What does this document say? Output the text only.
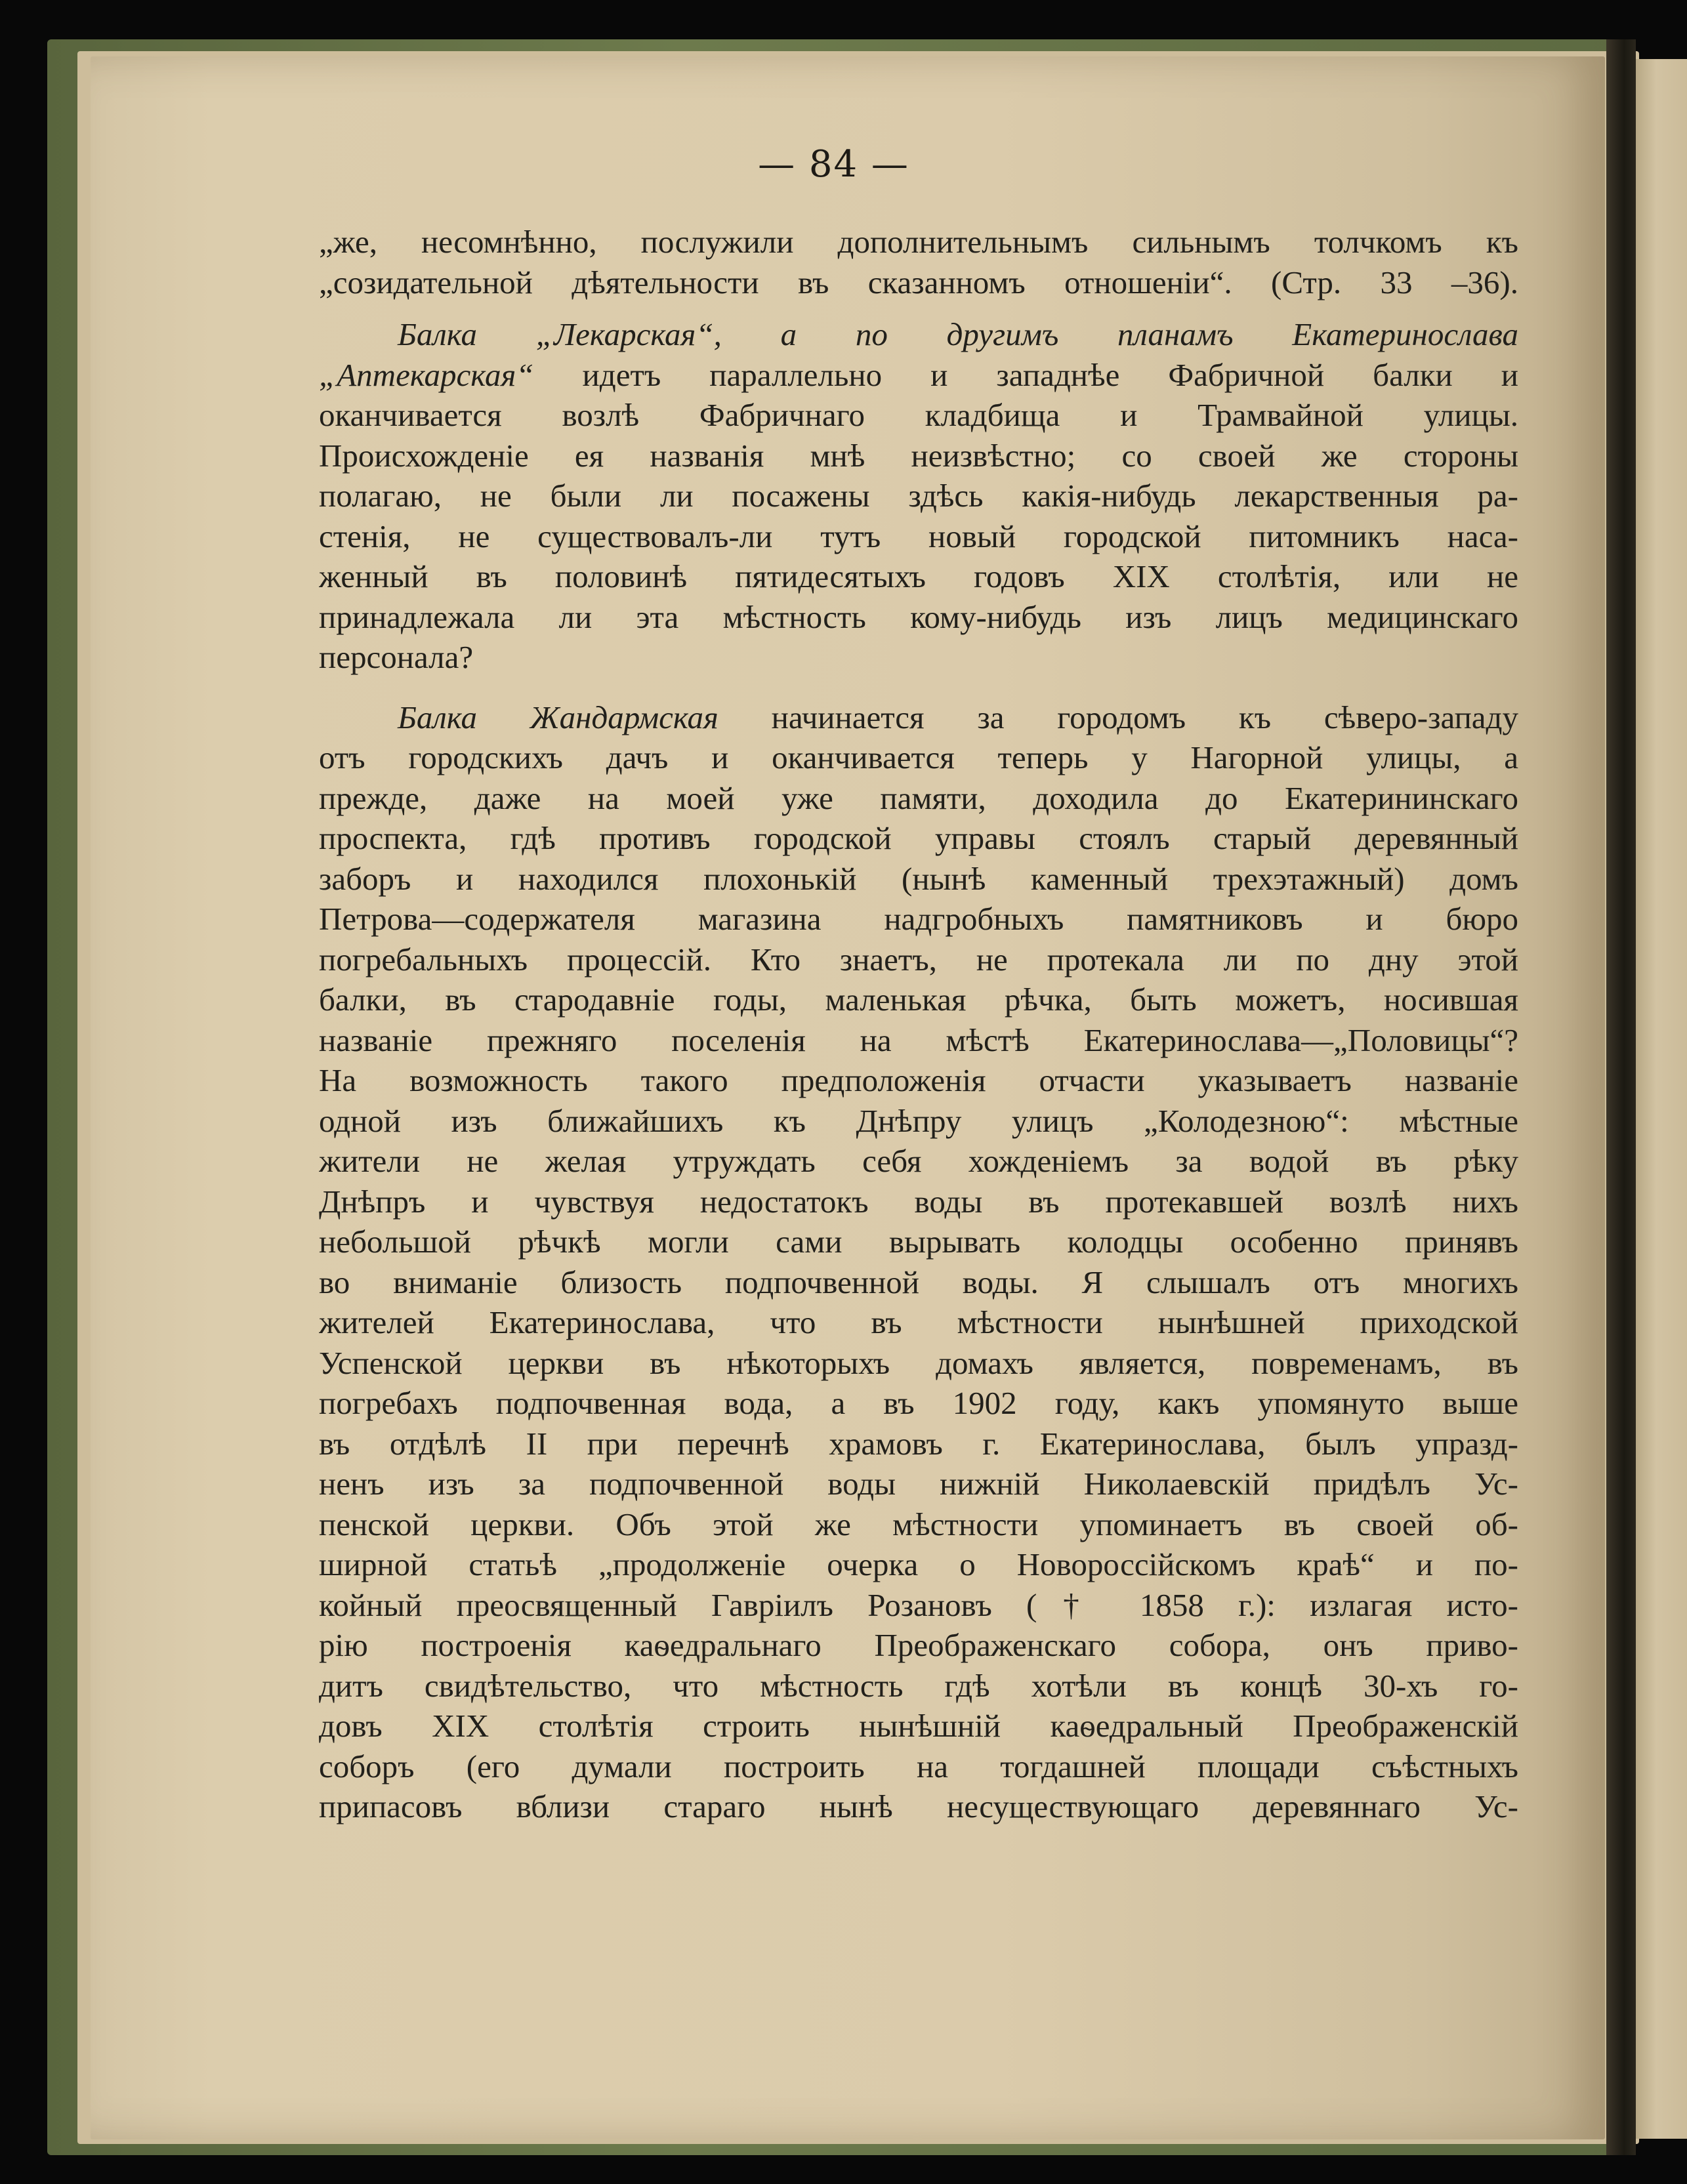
— 84 —
„же, несомнѣнно, послужили дополнительнымъ сильнымъ толчкомъ къ
„созидательной дѣятельности въ сказанномъ отношеніи“. (Стр. 33 –36).
Балка „Лекарская“, а по другимъ планамъ Екатеринослава
„Аптекарская“ идетъ параллельно и западнѣе Фабричной балки и
оканчивается возлѣ Фабричнаго кладбища и Трамвайной улицы.
Происхожденіе ея названія мнѣ неизвѣстно; со своей же стороны
полагаю, не были ли посажены здѣсь какія-нибудь лекарственныя ра-
стенія, не существовалъ-ли тутъ новый городской питомникъ наса-
женный въ половинѣ пятидесятыхъ годовъ XIX столѣтія, или не
принадлежала ли эта мѣстность кому-нибудь изъ лицъ медицинскаго
персонала?
Балка Жандармская начинается за городомъ къ сѣверо-западу
отъ городскихъ дачъ и оканчивается теперь у Нагорной улицы, а
прежде, даже на моей уже памяти, доходила до Екатерининскаго
проспекта, гдѣ противъ городской управы стоялъ старый деревянный
заборъ и находился плохонькій (нынѣ каменный трехэтажный) домъ
Петрова—содержателя магазина надгробныхъ памятниковъ и бюро
погребальныхъ процессій. Кто знаетъ, не протекала ли по дну этой
балки, въ стародавніе годы, маленькая рѣчка, быть можетъ, носившая
названіе прежняго поселенія на мѣстѣ Екатеринослава—„Половицы“?
На возможность такого предположенія отчасти указываетъ названіе
одной изъ ближайшихъ къ Днѣпру улицъ „Колодезною“: мѣстные
жители не желая утруждать себя хожденіемъ за водой въ рѣку
Днѣпръ и чувствуя недостатокъ воды въ протекавшей возлѣ нихъ
небольшой рѣчкѣ могли сами вырывать колодцы особенно принявъ
во вниманіе близость подпочвенной воды. Я слышалъ отъ многихъ
жителей Екатеринослава, что въ мѣстности нынѣшней приходской
Успенской церкви въ нѣкоторыхъ домахъ является, повременамъ, въ
погребахъ подпочвенная вода, а въ 1902 году, какъ упомянуто выше
въ отдѣлѣ II при перечнѣ храмовъ г. Екатеринослава, былъ упразд-
ненъ изъ за подпочвенной воды нижній Николаевскій придѣлъ Ус-
пенской церкви. Объ этой же мѣстности упоминаетъ въ своей об-
ширной статьѣ „продолженіе очерка о Новороссійскомъ краѣ“ и по-
койный преосвященный Гавріилъ Розановъ († 1858 г.): излагая исто-
рію построенія каѳедральнаго Преображенскаго собора, онъ приво-
дитъ свидѣтельство, что мѣстность гдѣ хотѣли въ концѣ 30-хъ го-
довъ XIX столѣтія строить нынѣшній каѳедральный Преображенскій
соборъ (его думали построить на тогдашней площади съѣстныхъ
припасовъ вблизи стараго нынѣ несуществующаго деревяннаго Ус-
